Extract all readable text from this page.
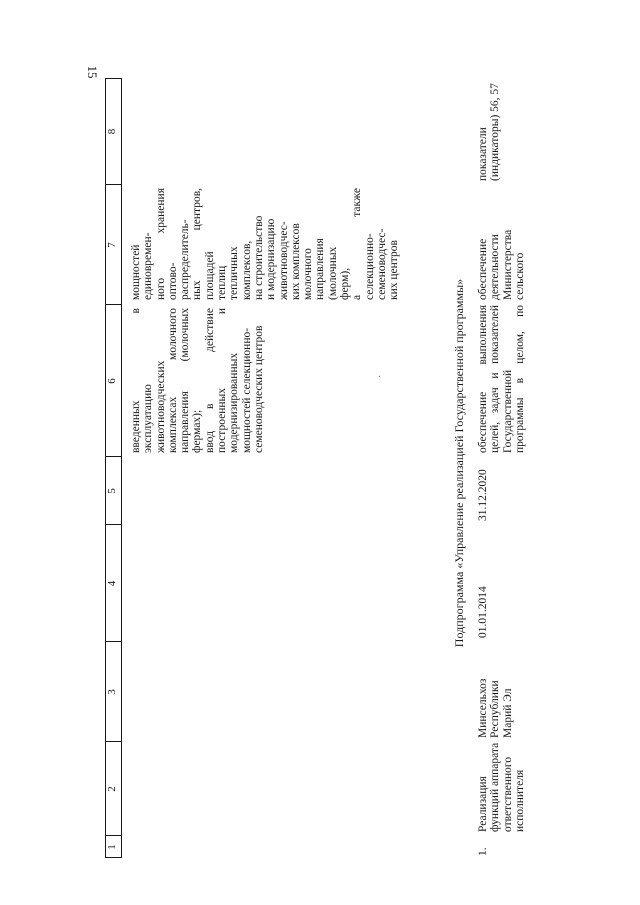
15
1
2
3
4
5
6
7
8
введенных
в
эксплуатацию животноводческих комплексах
молочного
направления
(молочных
фермах); вводв
действие
построенных
и
модернизированных мощностей селекционно- семеноводческих центров
мощностей единовремен- ного хранения оптово- распределитель- ных центров, площадей теплиц тепличных комплексов, на строительство и модернизацию животноводчес- ких комплексов молочного направления (молочных ферм), а также селекционно- семеноводчес- ких центров
·	Подпрограмма «Управление реализацией Государственной программы»
1.
Реализация функций аппарата ответственного исполнителя
Минсельхоз Республики Марий Эл
01.01.2014
31.12.2020
обеспечение выполнения целей, задач и показателей Государственной программы в целом, по
обеспечение деятельности Министерства сельского
показатели (индикаторы) 56, 57
